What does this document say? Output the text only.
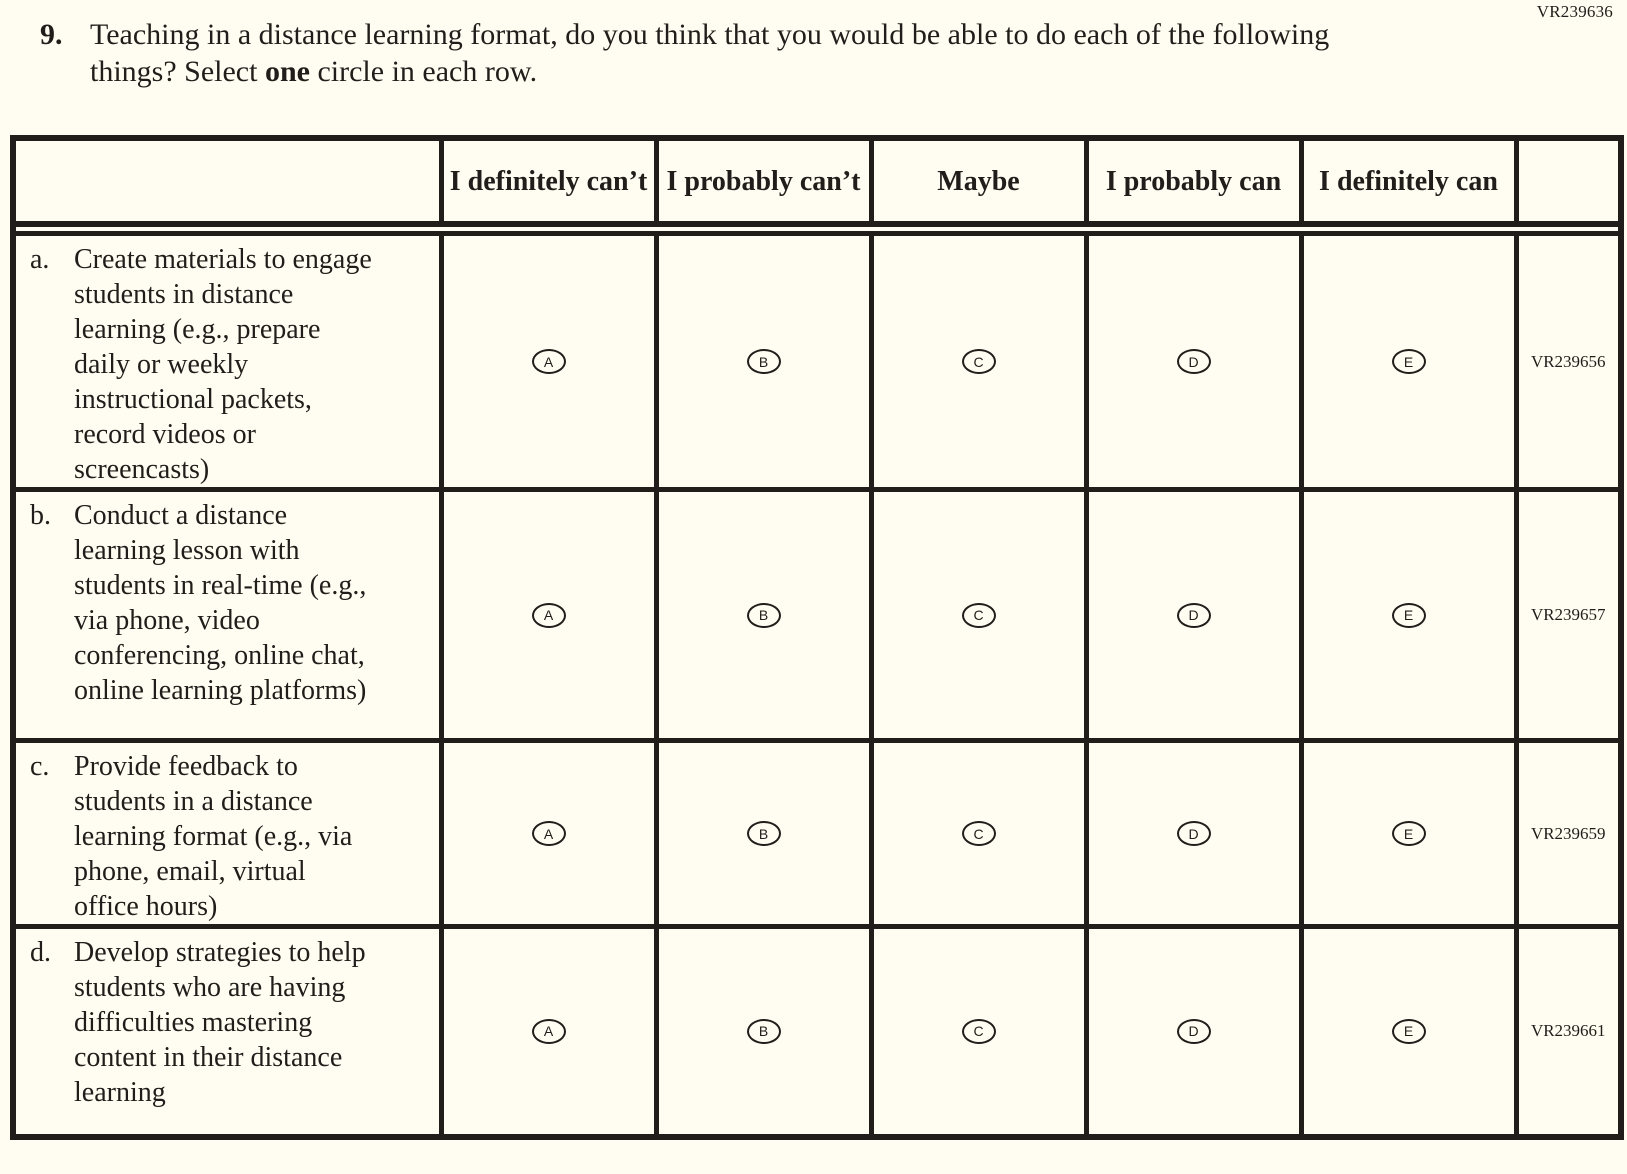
VR239636
9. Teaching in a distance learning format, do you think that you would be able to do each of the following things? Select one circle in each row.
	I definitely can’t	I probably can’t	Maybe	I probably can	I definitely can	

a. Create materials to engage students in distance learning (e.g., prepare daily or weekly instructional packets, record videos or screencasts)	A	B	C	D	E	VR239656

b. Conduct a distance learning lesson with students in real-time (e.g., via phone, video conferencing, online chat, online learning platforms)	A	B	C	D	E	VR239657

c. Provide feedback to students in a distance learning format (e.g., via phone, email, virtual office hours)	A	B	C	D	E	VR239659

d. Develop strategies to help students who are having difficulties mastering content in their distance learning	A	B	C	D	E	VR239661
